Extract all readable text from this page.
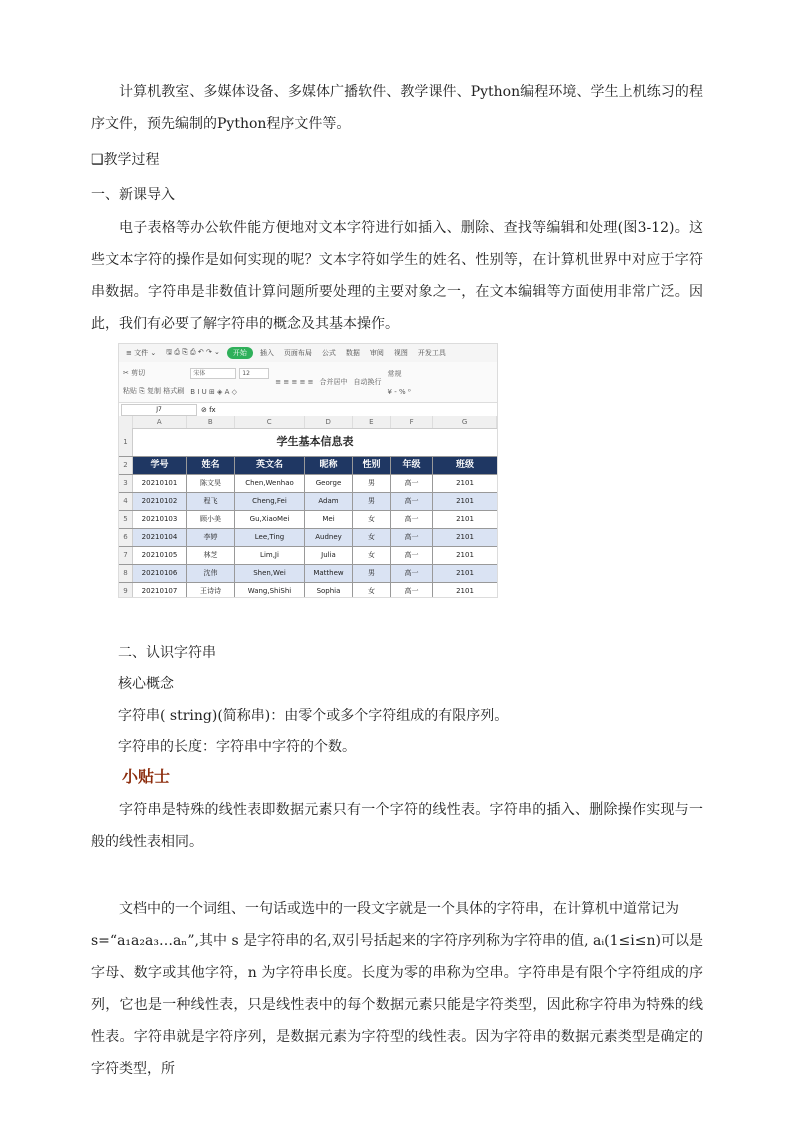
计算机教室、多媒体设备、多媒体广播软件、教学课件、Python编程环境、学生上机练习的程序文件，预先编制的Python程序文件等。

❑教学过程

一、新课导入

电子表格等办公软件能方便地对文本字符进行如插入、删除、查找等编辑和处理(图3-12)。这些文本字符的操作是如何实现的呢？文本字符如学生的姓名、性别等，在计算机世界中对应于字符串数据。字符串是非数值计算问题所要处理的主要对象之一，在文本编辑等方面使用非常广泛。因此，我们有必要了解字符串的概念及其基本操作。

≡ 文件 ⌄	🖫 ⎙ ⎘ ⎙ ↶ ↷ ⌄	开始	插入	页面布局	公式	数据	审阅	视图	开发工具
✂ 剪切
粘贴 ⎘ 复制 格式刷
宋体	12
B I U ⊞ ◈ A ◇
≡ ≡ ≡ ≡ ≡ 合并居中 自动换行
常规
¥ - % ⁰
J7	⊘ fx
A	B	C	D	E	F	G
1	学生基本信息表
2	学号	姓名	英文名	昵称	性别	年级	班级
3	20210101	陈文昊	Chen,Wenhao	George	男	高一	2101
4	20210102	程飞	Cheng,Fei	Adam	男	高一	2101
5	20210103	顾小美	Gu,XiaoMei	Mei	女	高一	2101
6	20210104	李婷	Lee,Ting	Audney	女	高一	2101
7	20210105	林芝	Lim,Ji	Julia	女	高一	2101
8	20210106	沈伟	Shen,Wei	Matthew	男	高一	2101
9	20210107	王诗诗	Wang,ShiShi	Sophia	女	高一	2101

二、认识字符串

核心概念

字符串( string)(简称串)：由零个或多个字符组成的有限序列。

字符串的长度：字符串中字符的个数。

小贴士

字符串是特殊的线性表即数据元素只有一个字符的线性表。字符串的插入、删除操作实现与一般的线性表相同。

文档中的一个词组、一句话或选中的一段文字就是一个具体的字符串，在计算机中道常记为

s=“a₁a₂a₃…aₙ”,其中 s 是字符串的名,双引号括起来的字符序列称为字符串的值, aᵢ(1≤i≤n)可以是字母、数字或其他字符，n 为字符串长度。长度为零的串称为空串。字符串是有限个字符组成的序列，它也是一种线性表，只是线性表中的每个数据元素只能是字符类型，因此称字符串为特殊的线性表。字符串就是字符序列，是数据元素为字符型的线性表。因为字符串的数据元素类型是确定的字符类型，所
